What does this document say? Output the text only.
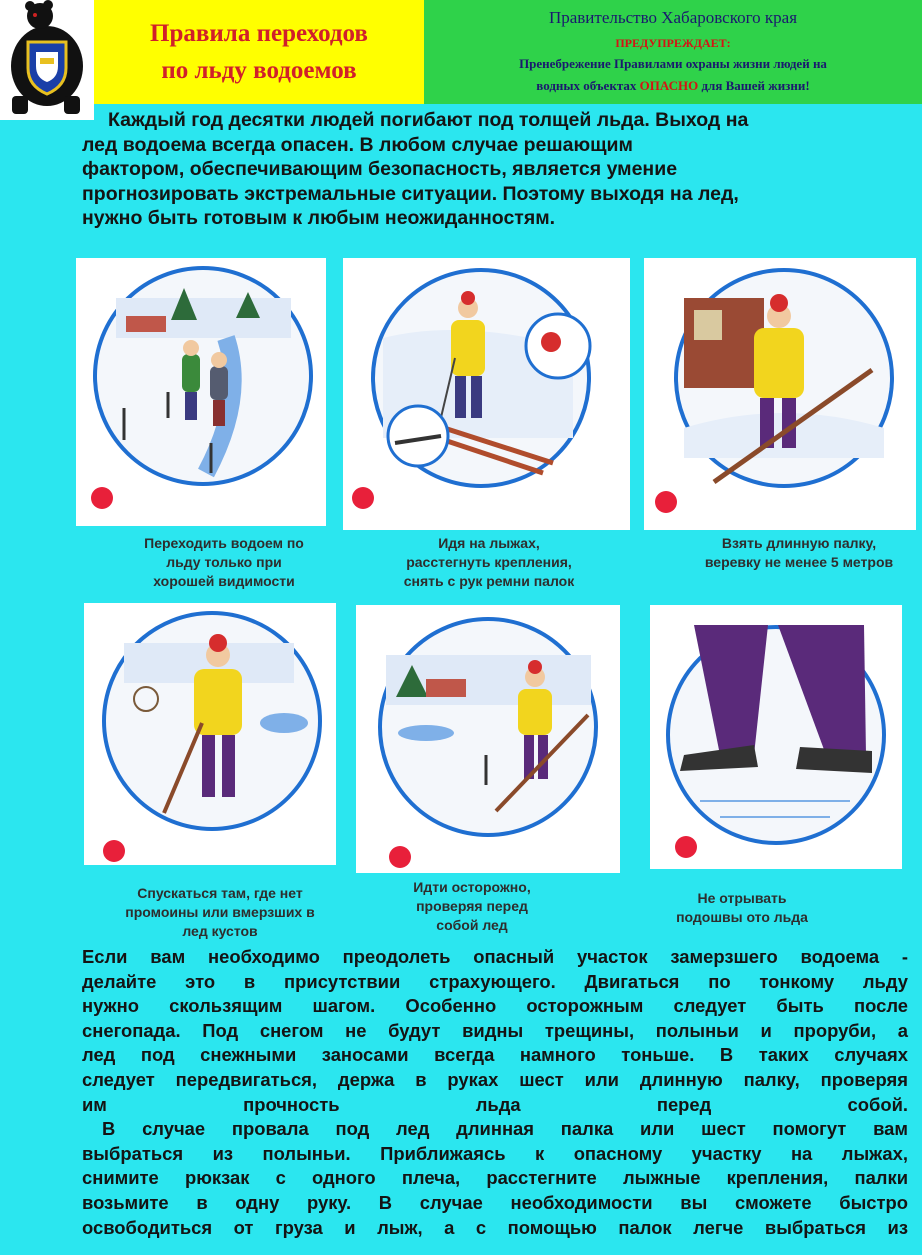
Правила переходов
по льду водоемов
Правительство Хабаровского края
ПРЕДУПРЕЖДАЕТ:
Пренебрежение Правилами охраны жизни людей на
водных объектах ОПАСНО для Вашей жизни!

Каждый год десятки людей погибают под толщей льда. Выход на

лед водоема всегда опасен. В любом случае решающим

фактором, обеспечивающим безопасность, является умение

прогнозировать экстремальные ситуации. Поэтому выходя на лед,

нужно быть готовым к любым неожиданностям.

Переходить водоем по
льду только при
хорошей видимости
Идя на лыжах,
расстегнуть крепления,
снять с рук ремни палок
Взять длинную палку,
веревку не менее 5 метров
Спускаться там, где нет
промоины или вмерзших в
лед кустов
Идти осторожно,
проверяя перед
собой лед
Не отрывать
подошвы ото льда
Если вам необходимо преодолеть опасный участок замерзшего водоема -
делайте это в присутствии страхующего. Двигаться по тонкому льду
нужно скользящим шагом. Особенно осторожным следует быть после
снегопада. Под снегом не будут видны трещины, полыньи и проруби, а
лед под снежными заносами всегда намного тоньше. В таких случаях
следует передвигаться, держа в руках шест или длинную палку, проверяя
им прочность льда перед собой.
В случае провала под лед длинная палка или шест помогут вам
выбраться из полыньи. Приближаясь к опасному участку на лыжах,
снимите рюкзак с одного плеча, расстегните лыжные крепления, палки
возьмите в одну руку. В случае необходимости вы сможете быстро
освободиться от груза и лыж, а с помощью палок легче выбраться из
